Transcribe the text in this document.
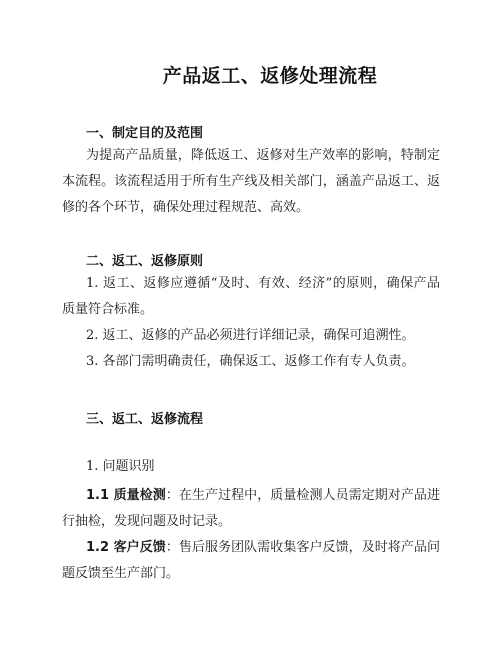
产品返工、返修处理流程
一、制定目的及范围

为提高产品质量，降低返工、返修对生产效率的影响，特制定本流程。该流程适用于所有生产线及相关部门，涵盖产品返工、返修的各个环节，确保处理过程规范、高效。

二、返工、返修原则

1. 返工、返修应遵循“及时、有效、经济”的原则，确保产品质量符合标准。

2. 返工、返修的产品必须进行详细记录，确保可追溯性。

3. 各部门需明确责任，确保返工、返修工作有专人负责。

三、返工、返修流程

1. 问题识别

1.1 质量检测：在生产过程中，质量检测人员需定期对产品进行抽检，发现问题及时记录。

1.2 客户反馈：售后服务团队需收集客户反馈，及时将产品问题反馈至生产部门。
